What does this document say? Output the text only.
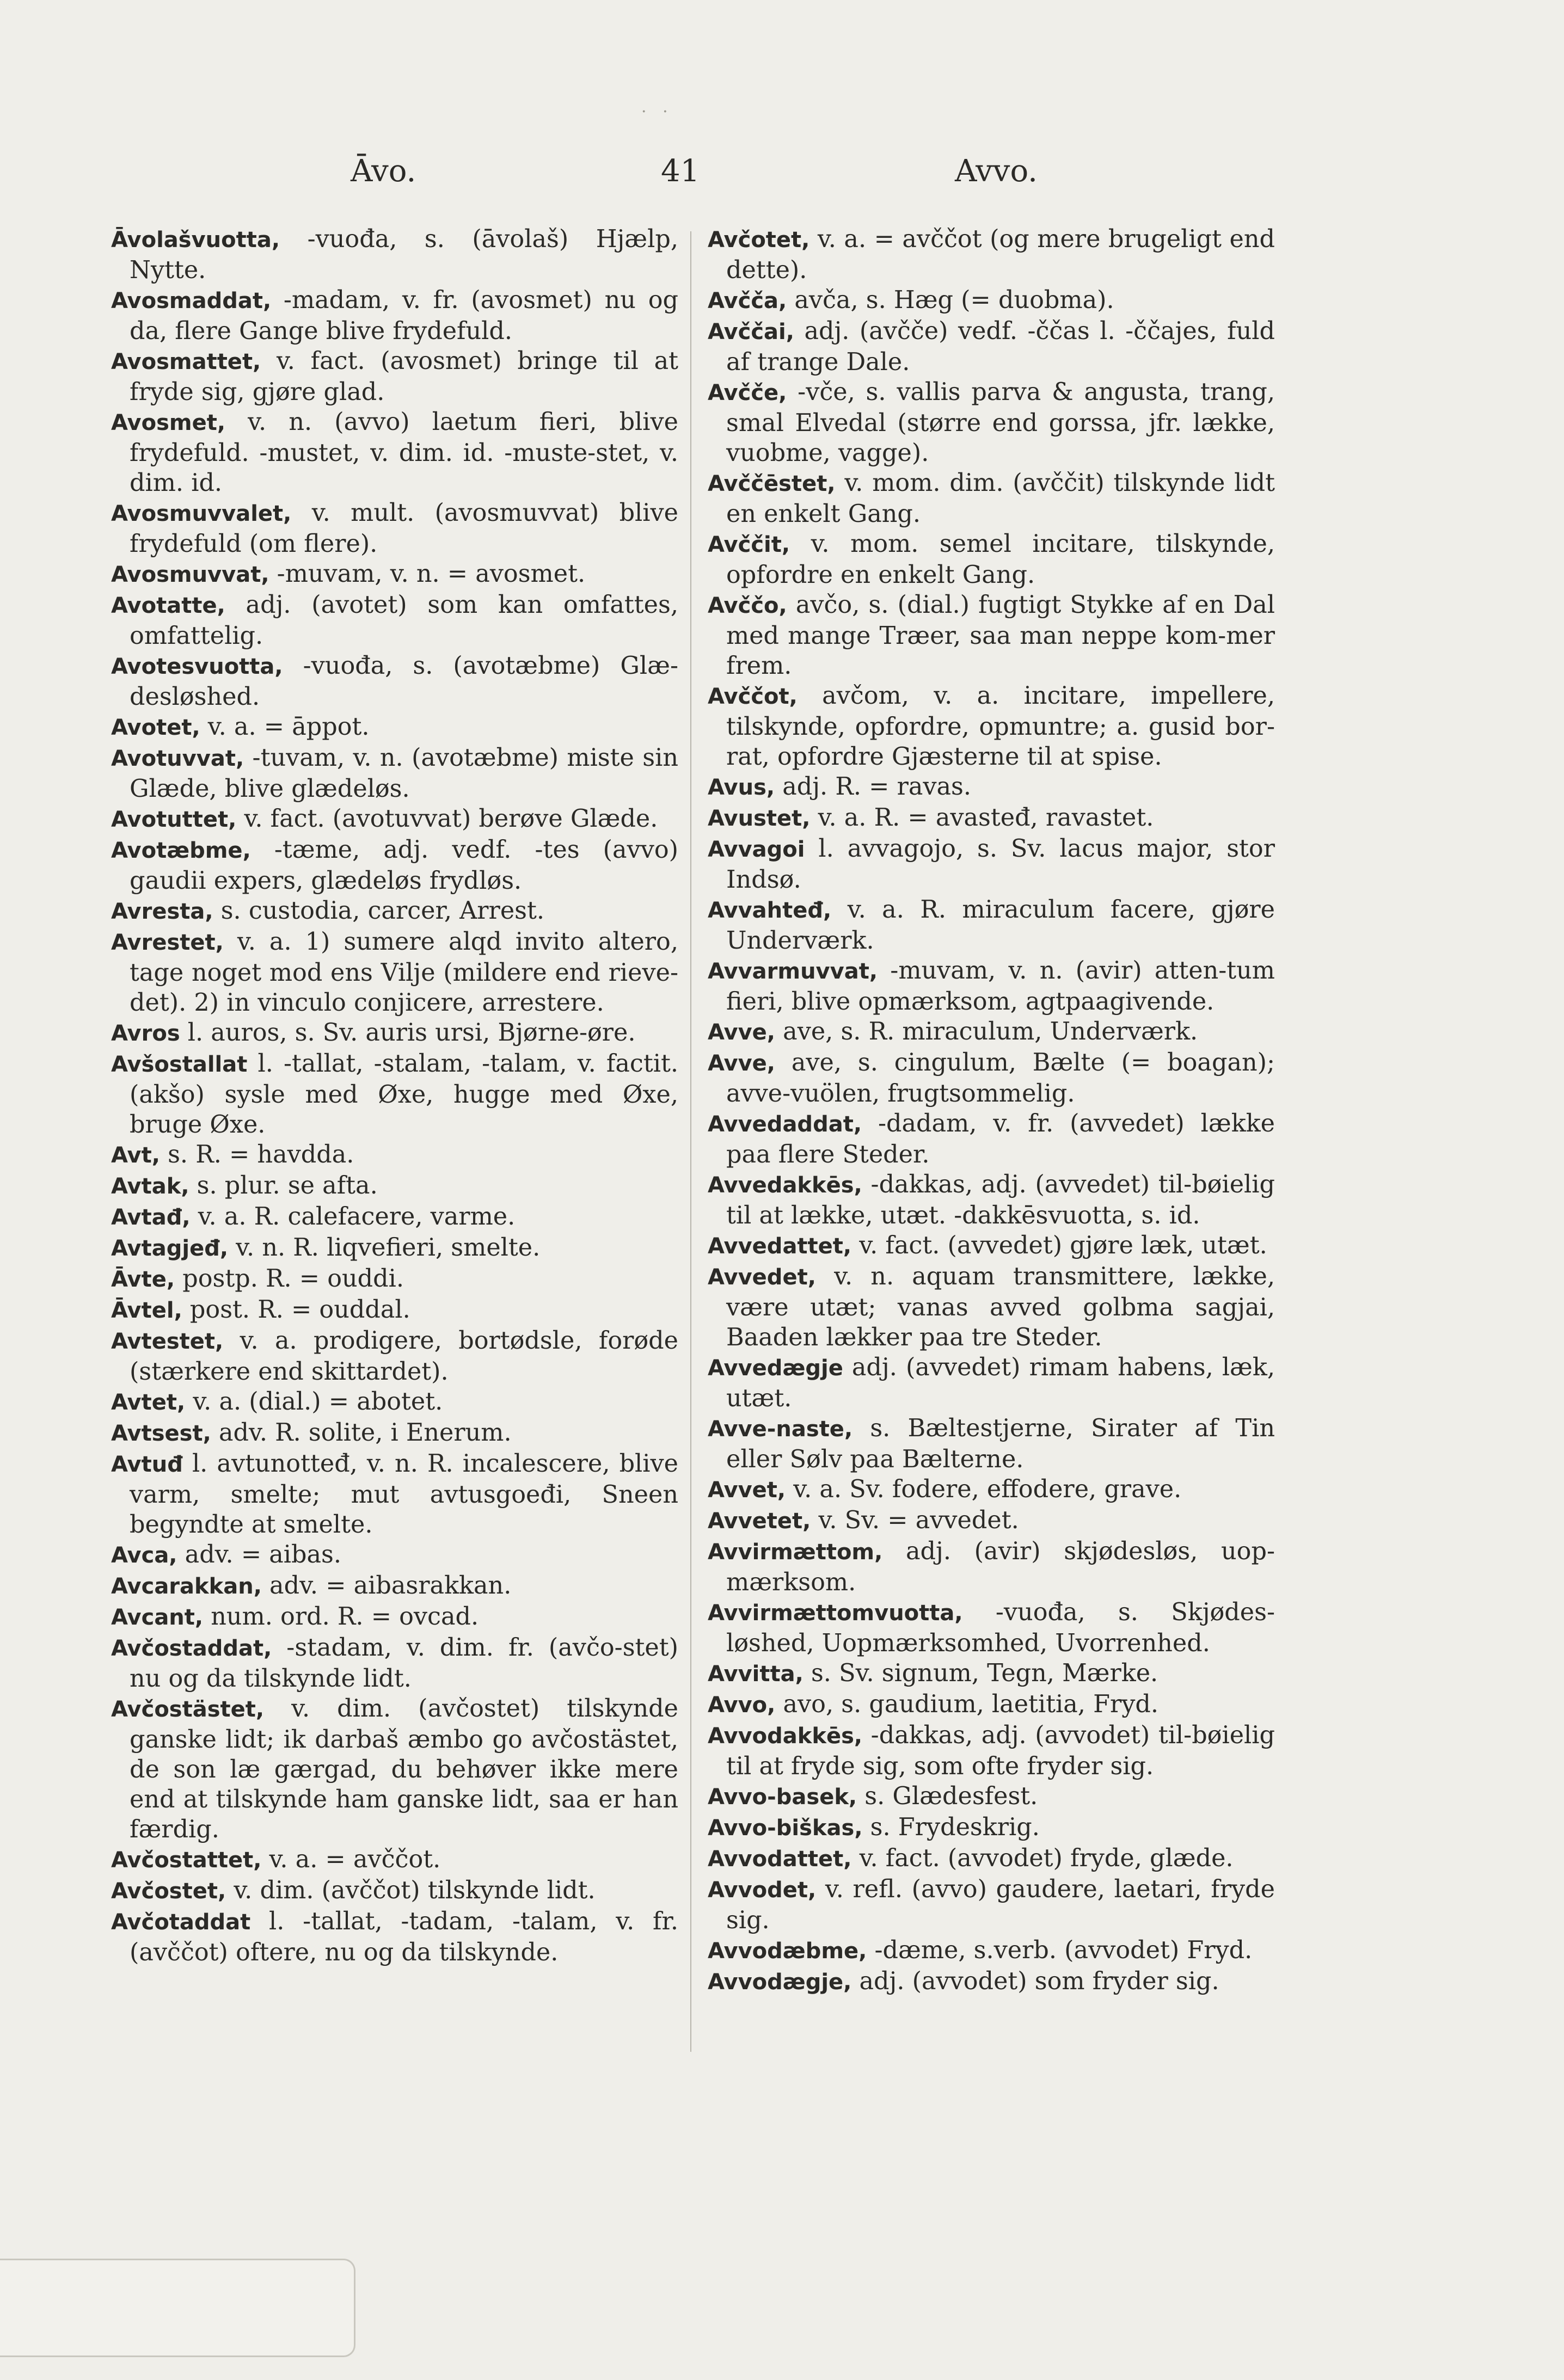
· ·
Āvo.	41	Avvo.

Āvolašvuotta, -vuođa, s. (āvolaš) Hjælp, Nytte.

Avosmaddat, -madam, v. fr. (avosmet) nu og da, flere Gange blive frydefuld.

Avosmattet, v. fact. (avosmet) bringe til at fryde sig, gjøre glad.

Avosmet, v. n. (avvo) laetum fieri, blive frydefuld. -mustet, v. dim. id. -muste-stet, v. dim. id.

Avosmuvvalet, v. mult. (avosmuvvat) blive frydefuld (om flere).

Avosmuvvat, -muvam, v. n. = avosmet.

Avotatte, adj. (avotet) som kan omfattes, omfattelig.

Avotesvuotta, -vuođa, s. (avotæbme) Glæ-desløshed.

Avotet, v. a. = āppot.

Avotuvvat, -tuvam, v. n. (avotæbme) miste sin Glæde, blive glædeløs.

Avotuttet, v. fact. (avotuvvat) berøve Glæde.

Avotæbme, -tæme, adj. vedf. -tes (avvo) gaudii expers, glædeløs frydløs.

Avresta, s. custodia, carcer, Arrest.

Avrestet, v. a. 1) sumere alqd invito altero, tage noget mod ens Vilje (mildere end rieve-det). 2) in vinculo conjicere, arrestere.

Avros l. auros, s. Sv. auris ursi, Bjørne-øre.

Avšostallat l. -tallat, -stalam, -talam, v. factit. (akšo) sysle med Øxe, hugge med Øxe, bruge Øxe.

Avt, s. R. = havdda.

Avtak, s. plur. se afta.

Avtađ, v. a. R. calefacere, varme.

Avtagjeđ, v. n. R. liqvefieri, smelte.

Āvte, postp. R. = ouddi.

Āvtel, post. R. = ouddal.

Avtestet, v. a. prodigere, bortødsle, forøde (stærkere end skittardet).

Avtet, v. a. (dial.) = abotet.

Avtsest, adv. R. solite, i Enerum.

Avtuđ l. avtunotteđ, v. n. R. incalescere, blive varm, smelte; mut avtusgoeđi, Sneen begyndte at smelte.

Avca, adv. = aibas.

Avcarakkan, adv. = aibasrakkan.

Avcant, num. ord. R. = ovcad.

Avčostaddat, -stadam, v. dim. fr. (avčo-stet) nu og da tilskynde lidt.

Avčostästet, v. dim. (avčostet) tilskynde ganske lidt; ik darbaš æmbo go avčostästet, de son læ gærgad, du behøver ikke mere end at tilskynde ham ganske lidt, saa er han færdig.

Avčostattet, v. a. = avččot.

Avčostet, v. dim. (avččot) tilskynde lidt.

Avčotaddat l. -tallat, -tadam, -talam, v. fr. (avččot) oftere, nu og da tilskynde.

Avčotet, v. a. = avččot (og mere brugeligt end dette).

Avčča, avča, s. Hæg (= duobma).

Avččai, adj. (avčče) vedf. -ččas l. -ččajes, fuld af trange Dale.

Avčče, -vče, s. vallis parva & angusta, trang, smal Elvedal (større end gorssa, jfr. lække, vuobme, vagge).

Avččēstet, v. mom. dim. (avččit) tilskynde lidt en enkelt Gang.

Avččit, v. mom. semel incitare, tilskynde, opfordre en enkelt Gang.

Avččo, avčo, s. (dial.) fugtigt Stykke af en Dal med mange Træer, saa man neppe kom-mer frem.

Avččot, avčom, v. a. incitare, impellere, tilskynde, opfordre, opmuntre; a. gusid bor-rat, opfordre Gjæsterne til at spise.

Avus, adj. R. = ravas.

Avustet, v. a. R. = avasteđ, ravastet.

Avvagoi l. avvagojo, s. Sv. lacus major, stor Indsø.

Avvahteđ, v. a. R. miraculum facere, gjøre Underværk.

Avvarmuvvat, -muvam, v. n. (avir) atten-tum fieri, blive opmærksom, agtpaagivende.

Avve, ave, s. R. miraculum, Underværk.

Avve, ave, s. cingulum, Bælte (= boagan); avve-vuölen, frugtsommelig.

Avvedaddat, -dadam, v. fr. (avvedet) lække paa flere Steder.

Avvedakkēs, -dakkas, adj. (avvedet) til-bøielig til at lække, utæt. -dakkēsvuotta, s. id.

Avvedattet, v. fact. (avvedet) gjøre læk, utæt.

Avvedet, v. n. aquam transmittere, lække, være utæt; vanas avved golbma sagjai, Baaden lækker paa tre Steder.

Avvedægje adj. (avvedet) rimam habens, læk, utæt.

Avve-naste, s. Bæltestjerne, Sirater af Tin eller Sølv paa Bælterne.

Avvet, v. a. Sv. fodere, effodere, grave.

Avvetet, v. Sv. = avvedet.

Avvirmættom, adj. (avir) skjødesløs, uop-mærksom.

Avvirmættomvuotta, -vuođa, s. Skjødes-løshed, Uopmærksomhed, Uvorrenhed.

Avvitta, s. Sv. signum, Tegn, Mærke.

Avvo, avo, s. gaudium, laetitia, Fryd.

Avvodakkēs, -dakkas, adj. (avvodet) til-bøielig til at fryde sig, som ofte fryder sig.

Avvo-basek, s. Glædesfest.

Avvo-biškas, s. Frydeskrig.

Avvodattet, v. fact. (avvodet) fryde, glæde.

Avvodet, v. refl. (avvo) gaudere, laetari, fryde sig.

Avvodæbme, -dæme, s.verb. (avvodet) Fryd.

Avvodægje, adj. (avvodet) som fryder sig.
